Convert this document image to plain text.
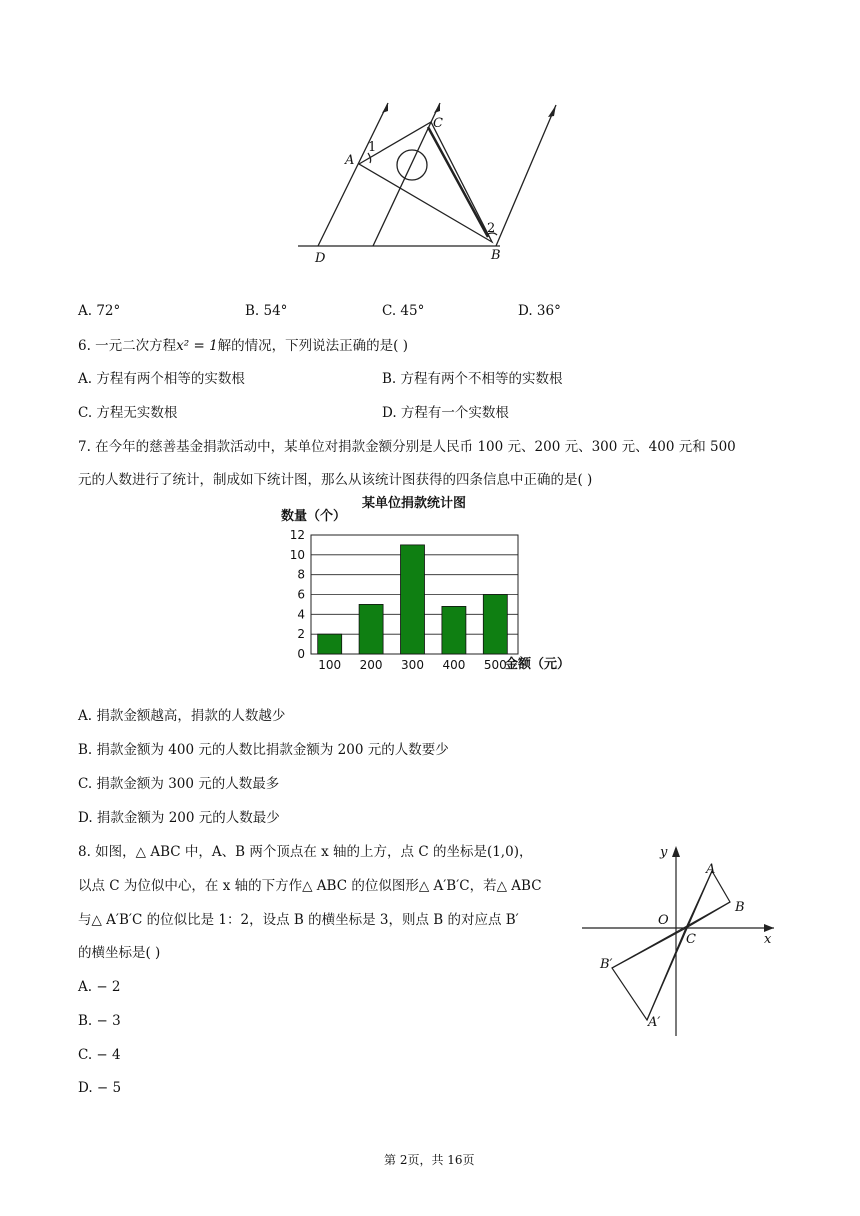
A
C
D	B
1
2
A. 72°	B. 54°	C. 45°	D. 36°
6. 一元二次方程x² = 1解的情况，下列说法正确的是( )
A. 方程有两个相等的实数根	B. 方程有两个不相等的实数根
C. 方程无实数根	D. 方程有一个实数根
7. 在今年的慈善基金捐款活动中，某单位对捐款金额分别是人民币 100 元、200 元、300 元、400 元和 500
元的人数进行了统计，制成如下统计图，那么从该统计图获得的四条信息中正确的是( )
某单位捐款统计图
数量（个）
金额（元）
0
2
4
6
8
10
12
100 200 300 400 500
A. 捐款金额越高，捐款的人数越少
B. 捐款金额为 400 元的人数比捐款金额为 200 元的人数要少
C. 捐款金额为 300 元的人数最多
D. 捐款金额为 200 元的人数最少
8. 如图，△ ABC 中，A、B 两个顶点在 x 轴的上方，点 C 的坐标是(1,0)，
以点 C 为位似中心，在 x 轴的下方作△ ABC 的位似图形△ A′B′C，若△ ABC
与△ A′B′C 的位似比是 1：2，设点 B 的横坐标是 3，则点 B 的对应点 B′
的横坐标是( )
A. − 2
B. − 3
C. − 4
D. − 5
y
x
O
C
A
B
A′
B′
第 2页，共 16页
